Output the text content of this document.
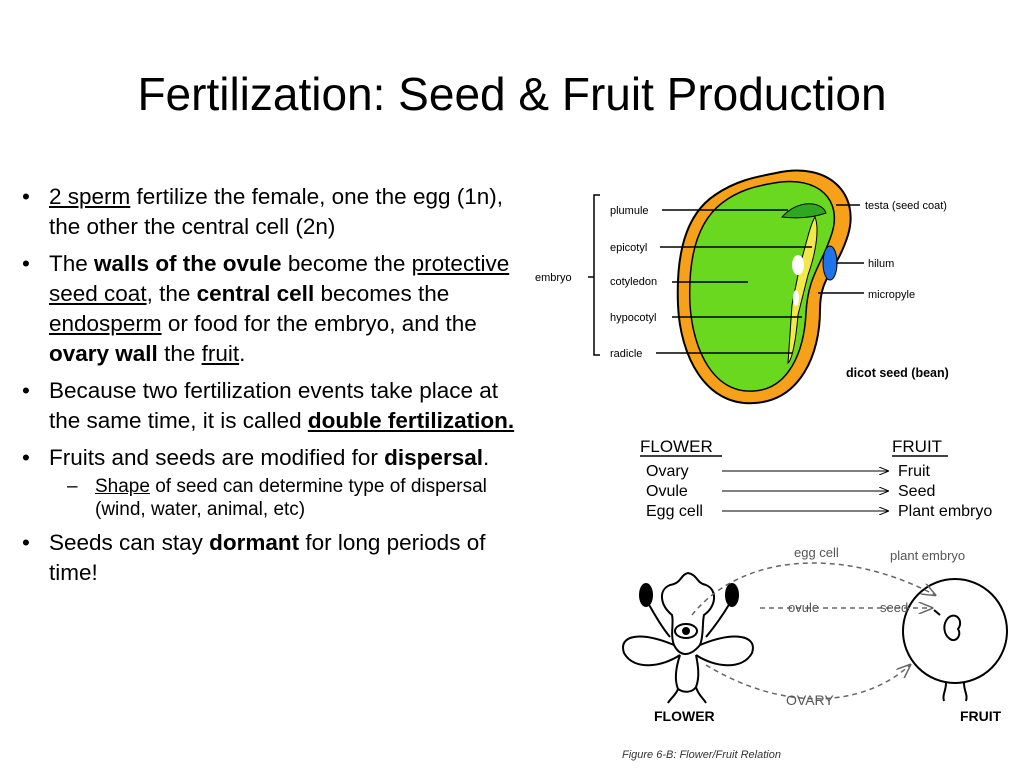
Fertilization: Seed & Fruit Production
• 2 sperm fertilize the female, one the egg (1n), the other the central cell (2n)
• The walls of the ovule become the protective seed coat, the central cell becomes the endosperm or food for the embryo, and the ovary wall the fruit.
• Because two fertilization events take place at the same time, it is called double fertilization.
• Fruits and seeds are modified for dispersal.
– Shape of seed can determine type of dispersal (wind, water, animal, etc)
• Seeds can stay dormant for long periods of time!
embryo
plumule
epicotyl
cotyledon
hypocotyl
radicle
testa (seed coat)
hilum
micropyle
dicot seed (bean)
FLOWER	FRUIT
Ovary	Fruit
Ovule	Seed
Egg cell	Plant embryo
egg cell	plant embryo
ovule	seed
OVARY
FLOWER	FRUIT
Figure 6-B: Flower/Fruit Relation
